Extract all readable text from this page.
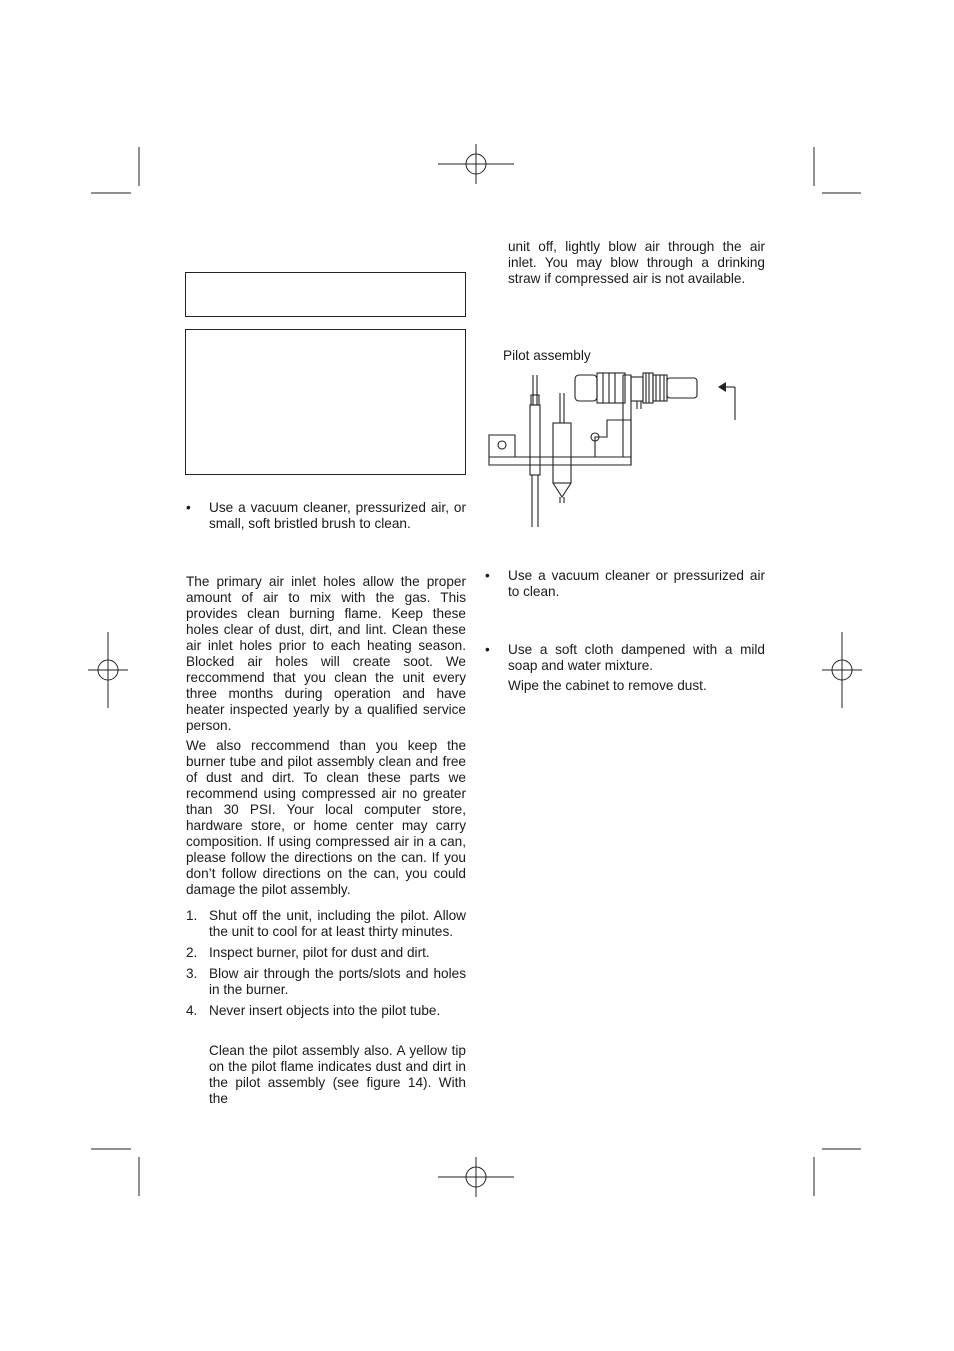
•	Use a vacuum cleaner, pressurized air, or small, soft bristled brush to clean.

The primary air inlet holes allow the proper amount of air to mix with the gas. This provides clean burning flame. Keep these holes clear of dust, dirt, and lint. Clean these air inlet holes prior to each heating season. Blocked air holes will create soot. We reccommend that you clean the unit every three months during operation and have heater inspected yearly by a qualified service person.

We also reccommend than you keep the burner tube and pilot assembly clean and free of dust and dirt. To clean these parts we recommend using compressed air no greater than 30 PSI. Your local computer store, hardware store, or home center may carry composition. If using compressed air in a can, please follow the directions on the can. If you don’t follow directions on the can, you could damage the pilot assembly.

1. Shut off the unit, including the pilot. Allow the unit to cool for at least thirty minutes.
2. Inspect burner, pilot for dust and dirt.
3. Blow air through the ports/slots and holes in the burner.
4. Never insert objects into the pilot tube.
Clean the pilot assembly also. A yellow tip on the pilot flame indicates dust and dirt in the pilot assembly (see figure 14). With the
unit off, lightly blow air through the air inlet. You may blow through a drinking straw if compressed air is not available.
Pilot assembly
•	Use a vacuum cleaner or pressurized air to clean.
•	Use a soft cloth dampened with a mild soap and water mixture.
Wipe the cabinet to remove dust.
